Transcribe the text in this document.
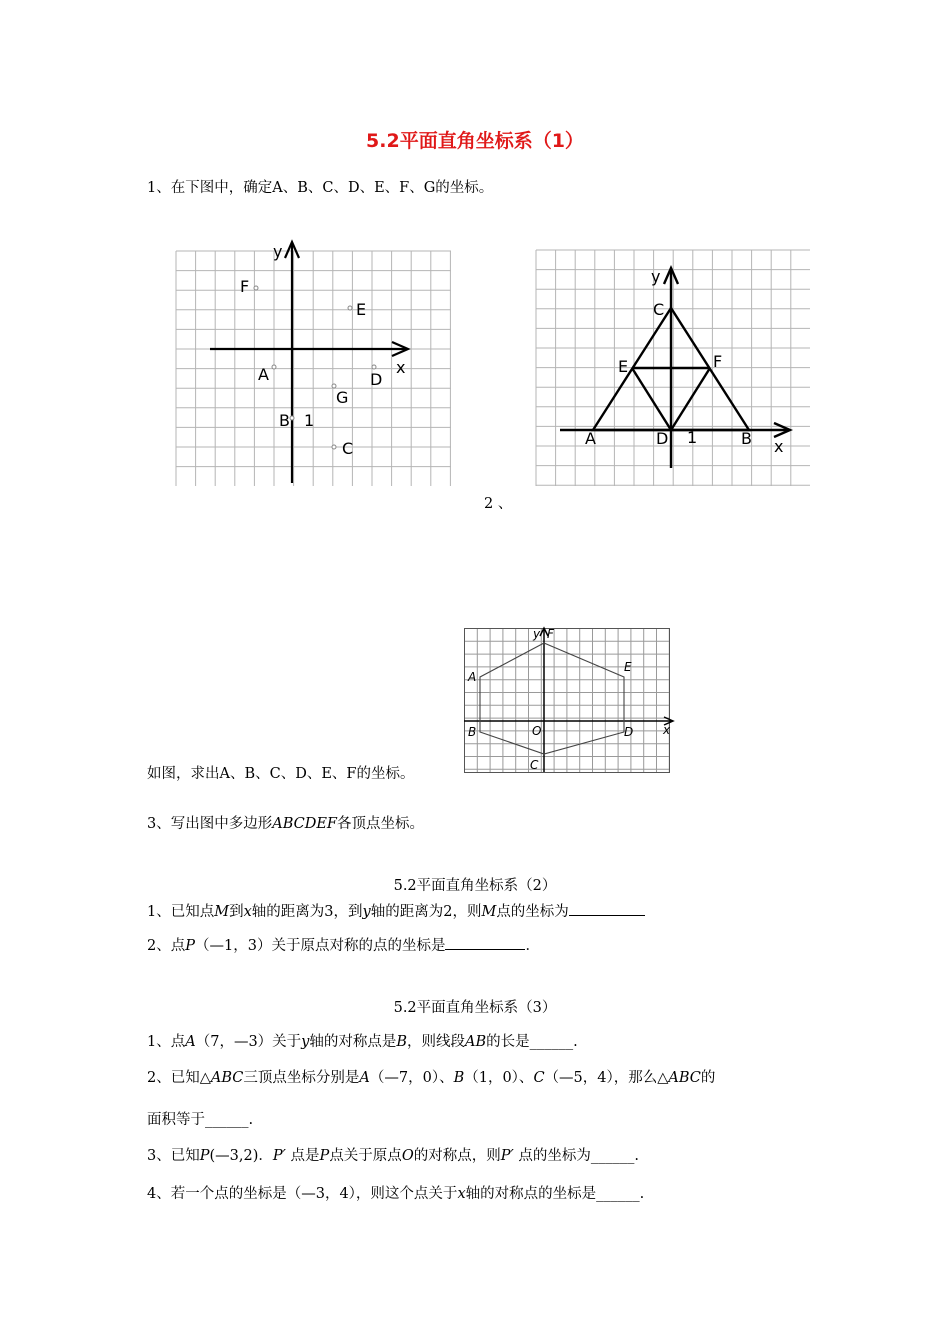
5.2平面直角坐标系（1）
1、在下图中，确定A、B、C、D、E、F、G的坐标。
y
x
F
E
A	D
G
B 1
C
y
x
C
E	F
A	D 1	B
2 、
y F
A
E
B	O	D
C
x
如图，求出A、B、C、D、E、F的坐标。
3、写出图中多边形ABCDEF各顶点坐标。
5.2平面直角坐标系（2）
1、已知点M到x轴的距离为3，到y轴的距离为2，则M点的坐标为
2、点P（—1，3）关于原点对称的点的坐标是	．
5.2平面直角坐标系（3）
1、点A（7，—3）关于y轴的对称点是B，则线段AB的长是______.
2、已知△ABC三顶点坐标分别是A（—7，0）、B（1，0）、C（—5，4），那么△ABC的
面积等于______.
3、已知P(—3,2)．P′ 点是P点关于原点O的对称点，则P′ 点的坐标为______.
4、若一个点的坐标是（—3，4），则这个点关于x轴的对称点的坐标是______.
